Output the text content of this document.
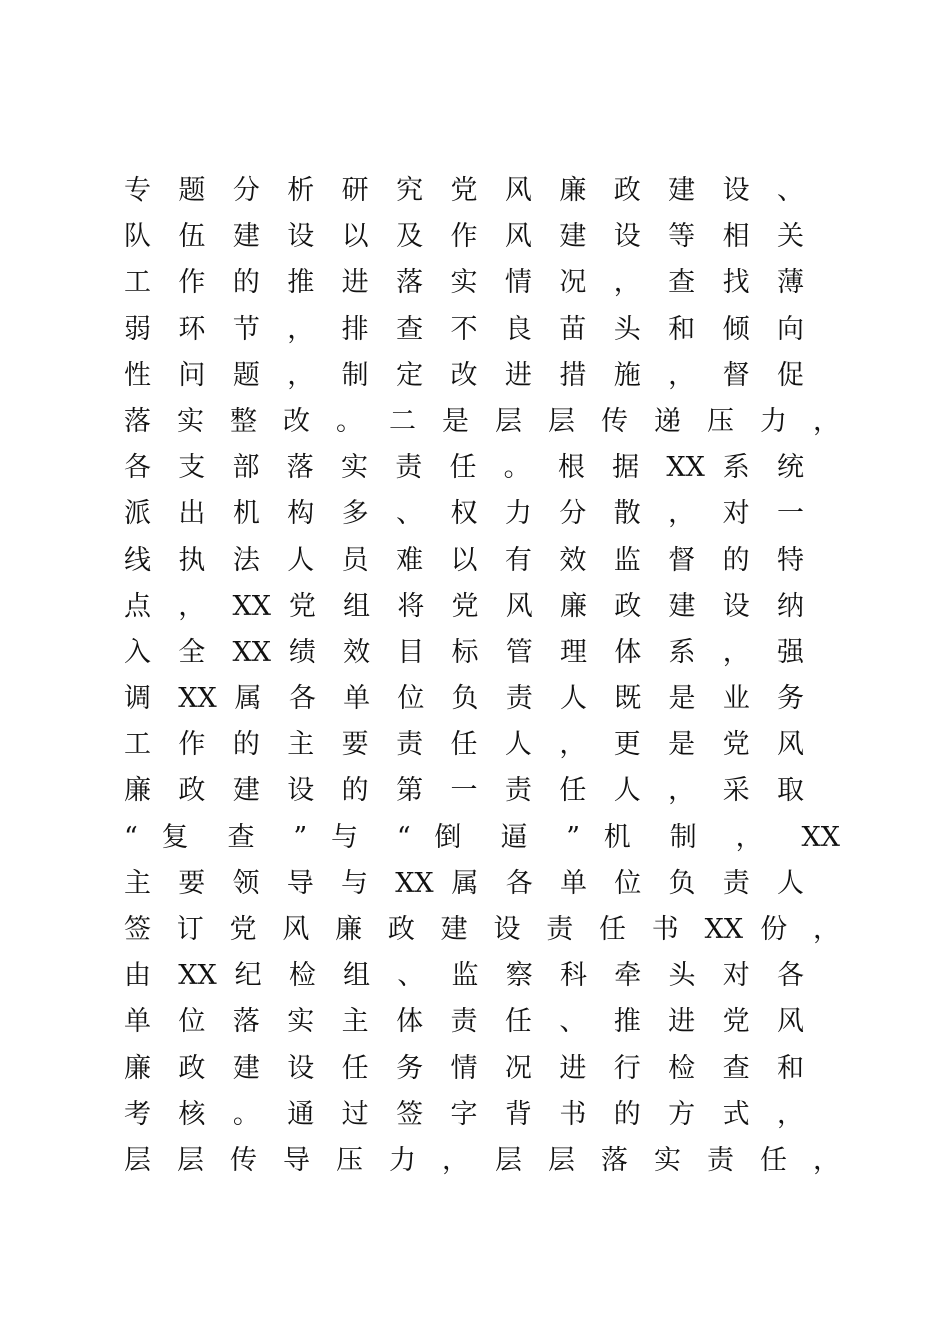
专 题 分 析 研 究 党 风 廉 政 建 设 、
队 伍 建 设 以 及 作 风 建 设 等 相 关
工 作 的 推 进 落 实 情 况 ， 查 找 薄
弱 环 节 ， 排 查 不 良 苗 头 和 倾 向
性 问 题 ， 制 定 改 进 措 施 ， 督 促
落 实 整 改 。 二 是 层 层 传 递 压 力 ，
各 支 部 落 实 责 任 。 根 据 XX 系 统
派 出 机 构 多 、 权 力 分 散 ， 对 一
线 执 法 人 员 难 以 有 效 监 督 的 特
点 ， XX 党 组 将 党 风 廉 政 建 设 纳
入 全 XX 绩 效 目 标 管 理 体 系 ， 强
调 XX 属 各 单 位 负 责 人 既 是 业 务
工 作 的 主 要 责 任 人 ， 更 是 党 风
廉 政 建 设 的 第 一 责 任 人 ， 采 取
“ 复 查 ” 与 “ 倒 逼 ” 机 制 ， XX
主 要 领 导 与 XX 属 各 单 位 负 责 人
签 订 党 风 廉 政 建 设 责 任 书 XX 份 ，
由 XX 纪 检 组 、 监 察 科 牵 头 对 各
单 位 落 实 主 体 责 任 、 推 进 党 风
廉 政 建 设 任 务 情 况 进 行 检 查 和
考 核 。 通 过 签 字 背 书 的 方 式 ，
层 层 传 导 压 力 ， 层 层 落 实 责 任 ，
